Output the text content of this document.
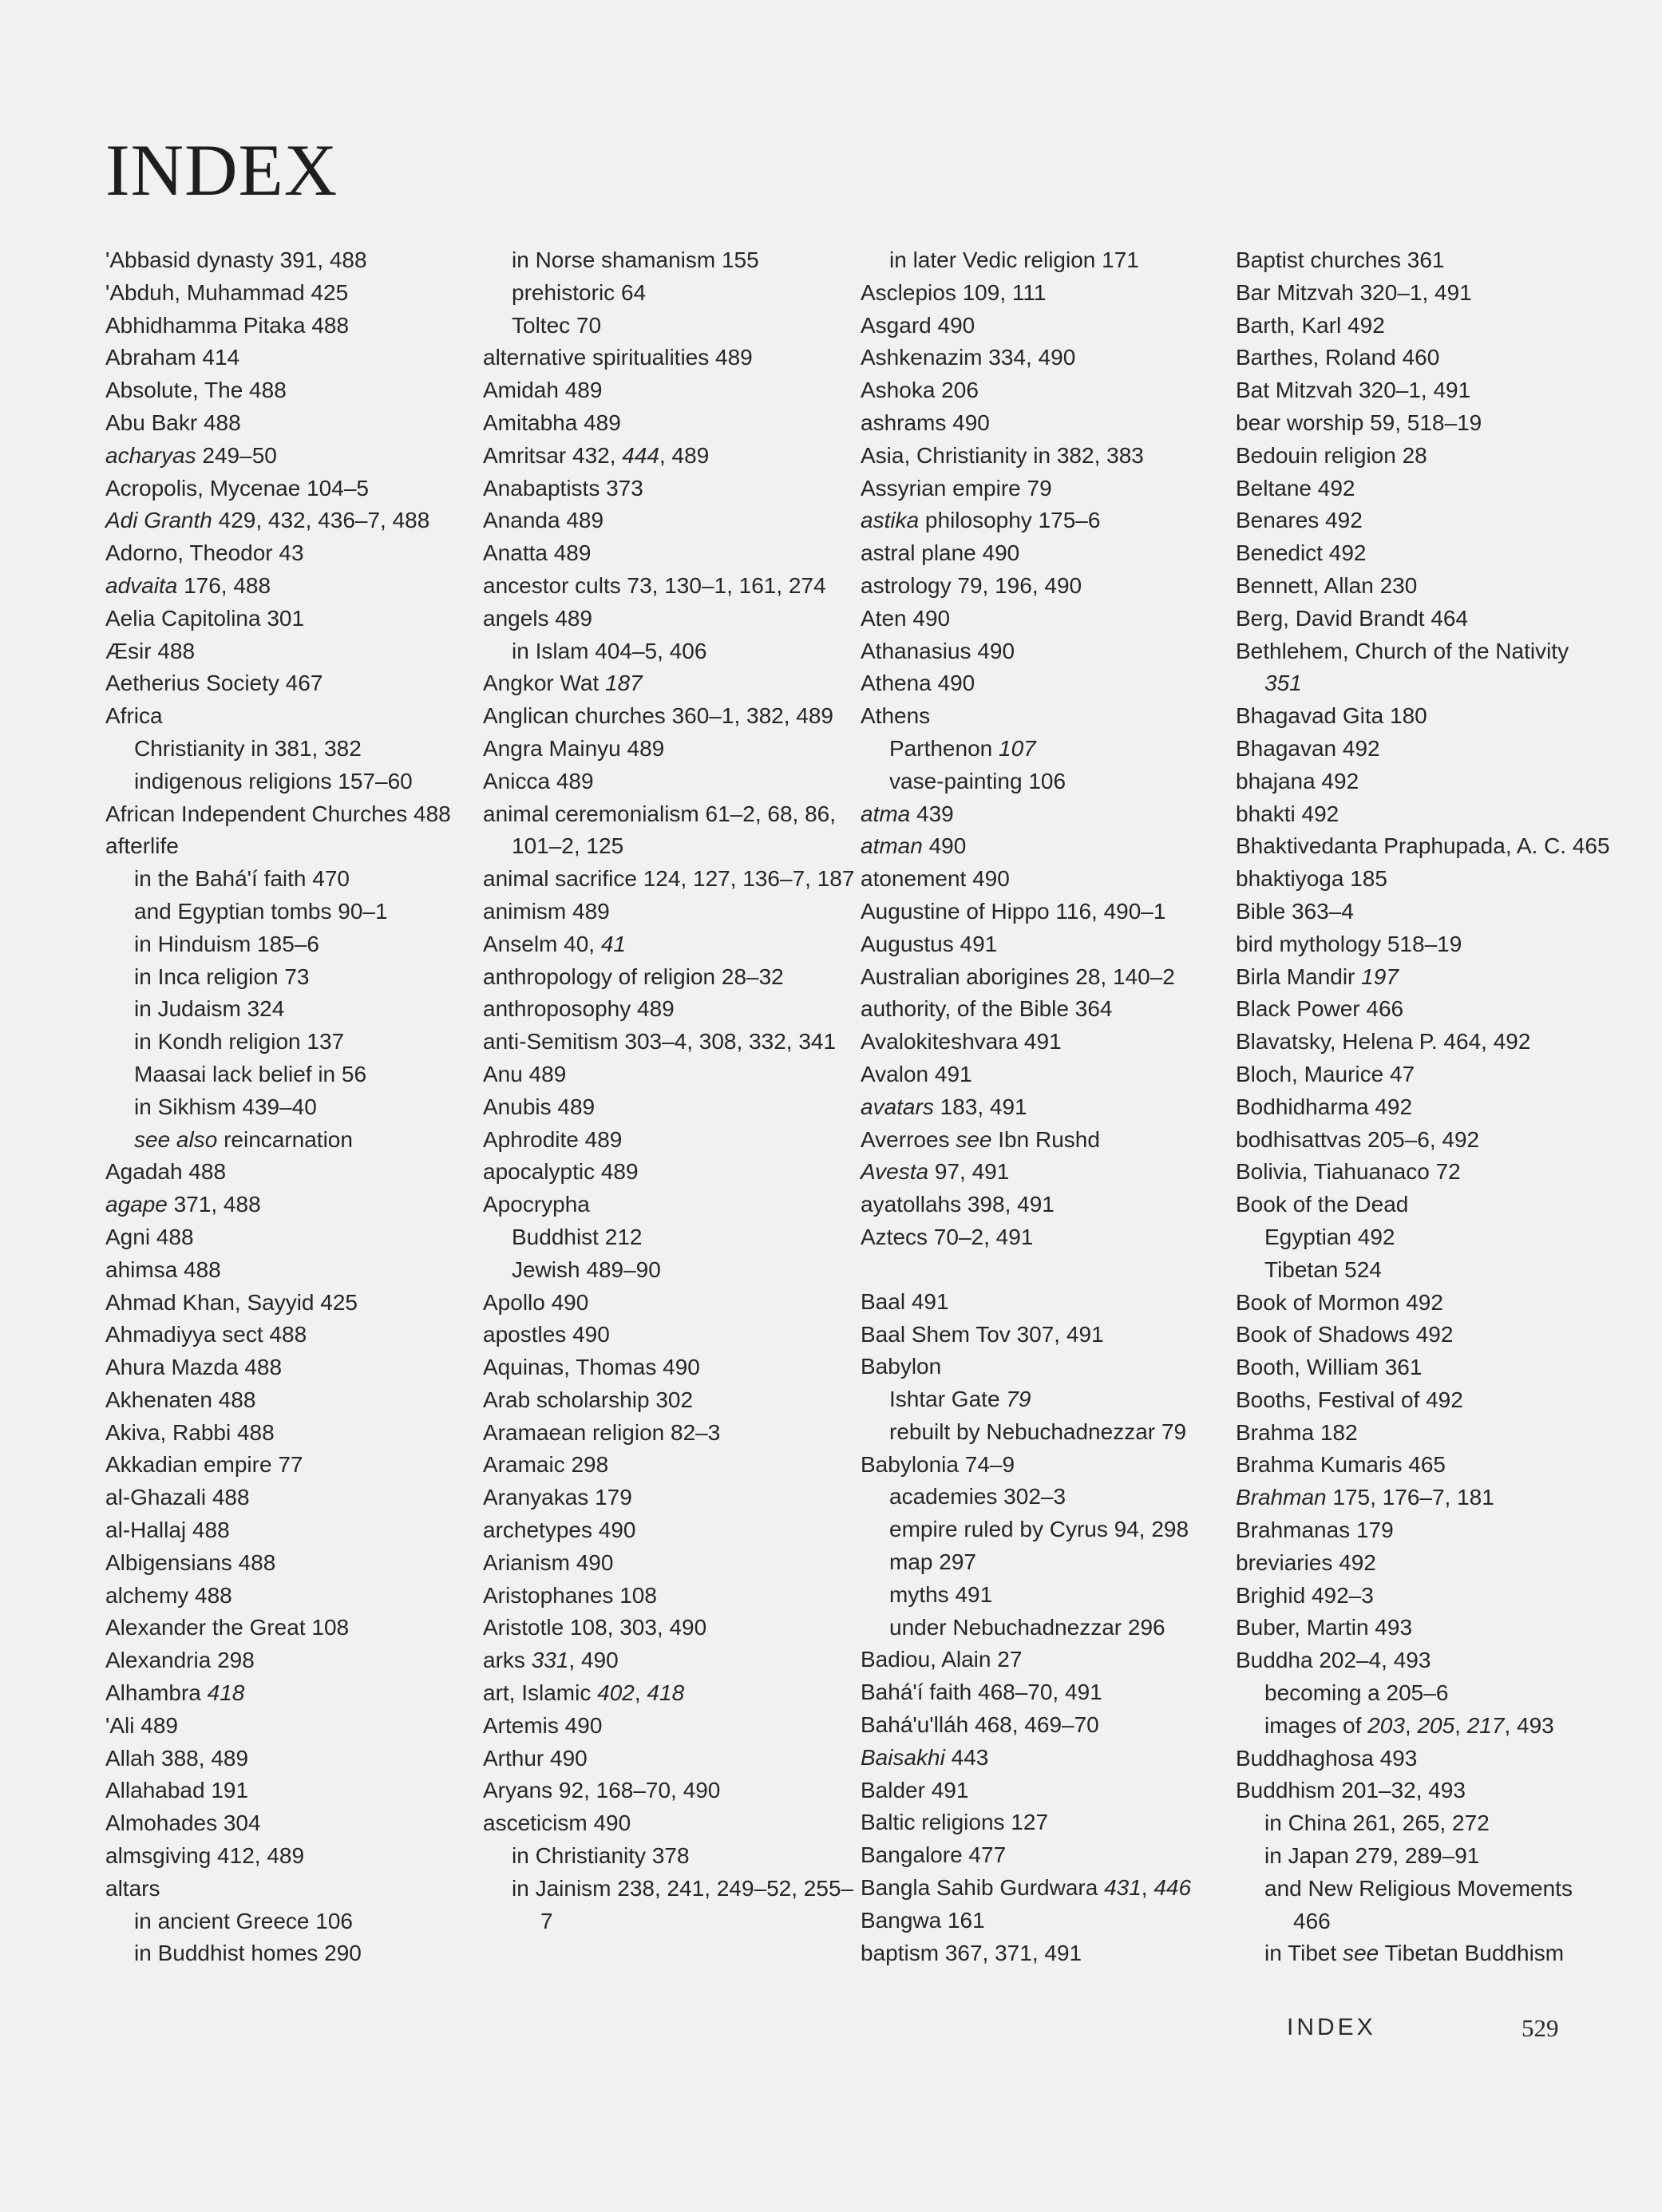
INDEX
'Abbasid dynasty 391, 488
'Abduh, Muhammad 425
Abhidhamma Pitaka 488
Abraham 414
Absolute, The 488
Abu Bakr 488
acharyas 249–50
Acropolis, Mycenae 104–5
Adi Granth 429, 432, 436–7, 488
Adorno, Theodor 43
advaita 176, 488
Aelia Capitolina 301
Æsir 488
Aetherius Society 467
Africa
Christianity in 381, 382
indigenous religions 157–60
African Independent Churches 488
afterlife
in the Bahá'í faith 470
and Egyptian tombs 90–1
in Hinduism 185–6
in Inca religion 73
in Judaism 324
in Kondh religion 137
Maasai lack belief in 56
in Sikhism 439–40
see also reincarnation
Agadah 488
agape 371, 488
Agni 488
ahimsa 488
Ahmad Khan, Sayyid 425
Ahmadiyya sect 488
Ahura Mazda 488
Akhenaten 488
Akiva, Rabbi 488
Akkadian empire 77
al-Ghazali 488
al-Hallaj 488
Albigensians 488
alchemy 488
Alexander the Great 108
Alexandria 298
Alhambra 418
'Ali 489
Allah 388, 489
Allahabad 191
Almohades 304
almsgiving 412, 489
altars
in ancient Greece 106
in Buddhist homes 290
in Norse shamanism 155
prehistoric 64
Toltec 70
alternative spiritualities 489
Amidah 489
Amitabha 489
Amritsar 432, 444, 489
Anabaptists 373
Ananda 489
Anatta 489
ancestor cults 73, 130–1, 161, 274
angels 489
in Islam 404–5, 406
Angkor Wat 187
Anglican churches 360–1, 382, 489
Angra Mainyu 489
Anicca 489
animal ceremonialism 61–2, 68, 86, 101–2, 125
animal sacrifice 124, 127, 136–7, 187
animism 489
Anselm 40, 41
anthropology of religion 28–32
anthroposophy 489
anti-Semitism 303–4, 308, 332, 341
Anu 489
Anubis 489
Aphrodite 489
apocalyptic 489
Apocrypha
Buddhist 212
Jewish 489–90
Apollo 490
apostles 490
Aquinas, Thomas 490
Arab scholarship 302
Aramaean religion 82–3
Aramaic 298
Aranyakas 179
archetypes 490
Arianism 490
Aristophanes 108
Aristotle 108, 303, 490
arks 331, 490
art, Islamic 402, 418
Artemis 490
Arthur 490
Aryans 92, 168–70, 490
asceticism 490
in Christianity 378
in Jainism 238, 241, 249–52, 255–7
in later Vedic religion 171
Asclepios 109, 111
Asgard 490
Ashkenazim 334, 490
Ashoka 206
ashrams 490
Asia, Christianity in 382, 383
Assyrian empire 79
astika philosophy 175–6
astral plane 490
astrology 79, 196, 490
Aten 490
Athanasius 490
Athena 490
Athens
Parthenon 107
vase-painting 106
atma 439
atman 490
atonement 490
Augustine of Hippo 116, 490–1
Augustus 491
Australian aborigines 28, 140–2
authority, of the Bible 364
Avalokiteshvara 491
Avalon 491
avatars 183, 491
Averroes see Ibn Rushd
Avesta 97, 491
ayatollahs 398, 491
Aztecs 70–2, 491
Baal 491
Baal Shem Tov 307, 491
Babylon
Ishtar Gate 79
rebuilt by Nebuchadnezzar 79
Babylonia 74–9
academies 302–3
empire ruled by Cyrus 94, 298
map 297
myths 491
under Nebuchadnezzar 296
Badiou, Alain 27
Bahá'í faith 468–70, 491
Bahá'u'lláh 468, 469–70
Baisakhi 443
Balder 491
Baltic religions 127
Bangalore 477
Bangla Sahib Gurdwara 431, 446
Bangwa 161
baptism 367, 371, 491
Baptist churches 361
Bar Mitzvah 320–1, 491
Barth, Karl 492
Barthes, Roland 460
Bat Mitzvah 320–1, 491
bear worship 59, 518–19
Bedouin religion 28
Beltane 492
Benares 492
Benedict 492
Bennett, Allan 230
Berg, David Brandt 464
Bethlehem, Church of the Nativity 351
Bhagavad Gita 180
Bhagavan 492
bhajana 492
bhakti 492
Bhaktivedanta Praphupada, A. C. 465
bhaktiyoga 185
Bible 363–4
bird mythology 518–19
Birla Mandir 197
Black Power 466
Blavatsky, Helena P. 464, 492
Bloch, Maurice 47
Bodhidharma 492
bodhisattvas 205–6, 492
Bolivia, Tiahuanaco 72
Book of the Dead
Egyptian 492
Tibetan 524
Book of Mormon 492
Book of Shadows 492
Booth, William 361
Booths, Festival of 492
Brahma 182
Brahma Kumaris 465
Brahman 175, 176–7, 181
Brahmanas 179
breviaries 492
Brighid 492–3
Buber, Martin 493
Buddha 202–4, 493
becoming a 205–6
images of 203, 205, 217, 493
Buddhaghosa 493
Buddhism 201–32, 493
in China 261, 265, 272
in Japan 279, 289–91
and New Religious Movements 466
in Tibet see Tibetan Buddhism
INDEX	529
